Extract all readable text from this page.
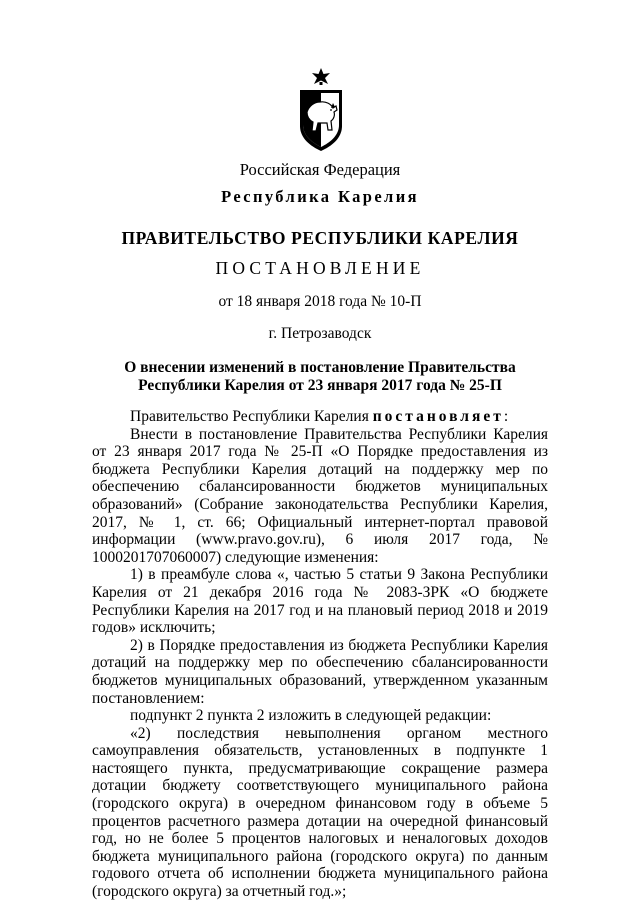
Российская Федерация
Республика Карелия
ПРАВИТЕЛЬСТВО РЕСПУБЛИКИ КАРЕЛИЯ
ПОСТАНОВЛЕНИЕ
от 18 января 2018 года № 10-П
г. Петрозаводск
О внесении изменений в постановление Правительства
Республики Карелия от 23 января 2017 года № 25-П

Правительство Республики Карелия постановляет:

Внести в постановление Правительства Республики Карелия от 23 января 2017 года № 25-П «О Порядке предоставления из бюджета Республики Карелия дотаций на поддержку мер по обеспечению сбалансированности бюджетов муниципальных образований» (Собрание законодательства Республики Карелия, 2017, № 1, ст. 66; Официальный интернет-портал правовой информации (www.pravo.gov.ru), 6 июля 2017 года, № 1000201707060007) следующие изменения:

1) в преамбуле слова «, частью 5 статьи 9 Закона Республики Карелия от 21 декабря 2016 года № 2083-ЗРК «О бюджете Республики Карелия на 2017 год и на плановый период 2018 и 2019 годов» исключить;

2) в Порядке предоставления из бюджета Республики Карелия дотаций на поддержку мер по обеспечению сбалансированности бюджетов муниципальных образований, утвержденном указанным постановлением:

подпункт 2 пункта 2 изложить в следующей редакции:

«2) последствия невыполнения органом местного самоуправления обязательств, установленных в подпункте 1 настоящего пункта, предусматривающие сокращение размера дотации бюджету соответствующего муниципального района (городского округа) в очередном финансовом году в объеме 5 процентов расчетного размера дотации на очередной финансовый год, но не более 5 процентов налоговых и неналоговых доходов бюджета муниципального района (городского округа) по данным годового отчета об исполнении бюджета муниципального района (городского округа) за отчетный год.»;
